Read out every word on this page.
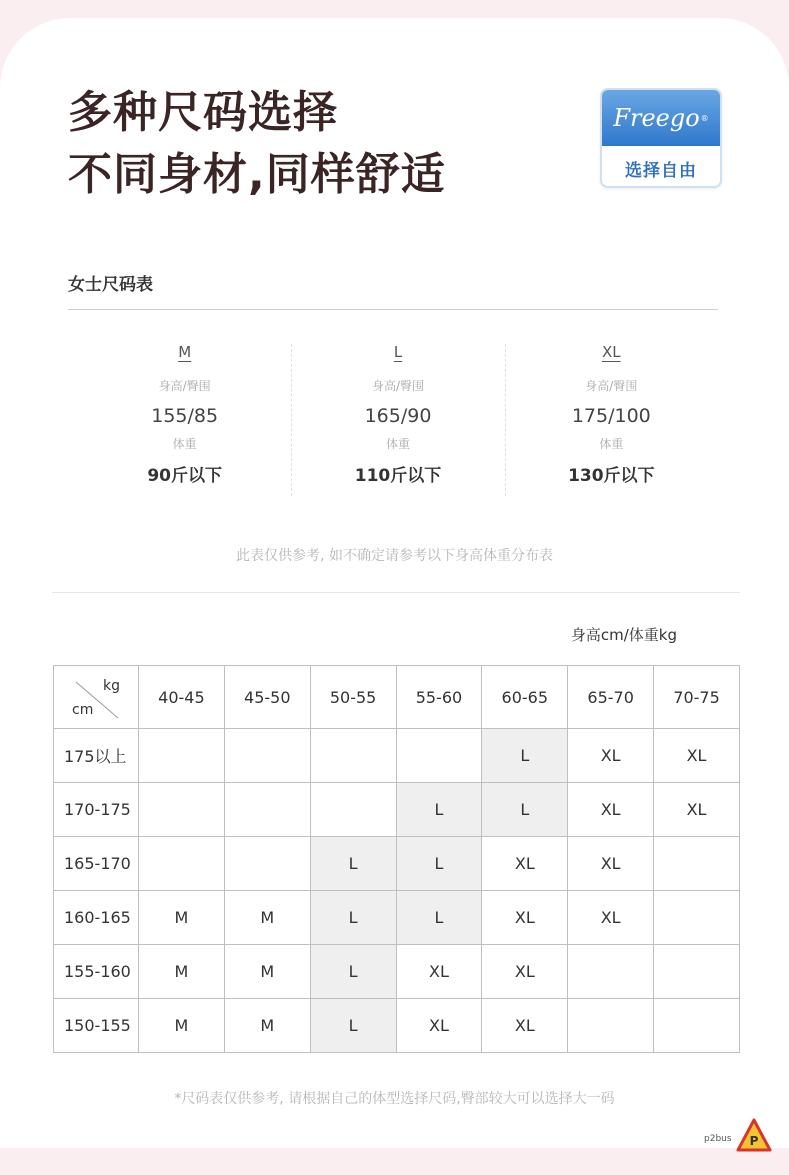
多种尺码选择
不同身材,同样舒适
Freego ®
选择自由
女士尺码表
M
身高/臀围
155/85
体重
90斤以下
L
身高/臀围
165/90
体重
110斤以下
XL
身高/臀围
175/100
体重
130斤以下
此表仅供参考, 如不确定请参考以下身高体重分布表
身高cm/体重kg
kg
cm	40-45	45-50	50-55	55-60	60-65	65-70	70-75
175以上					L	XL	XL
170-175				L	L	XL	XL
165-170			L	L	XL	XL	
160-165	M	M	L	L	XL	XL	
155-160	M	M	L	XL	XL		
150-155	M	M	L	XL	XL		
*尺码表仅供参考, 请根据自己的体型选择尺码,臀部较大可以选择大一码
p2bus P
